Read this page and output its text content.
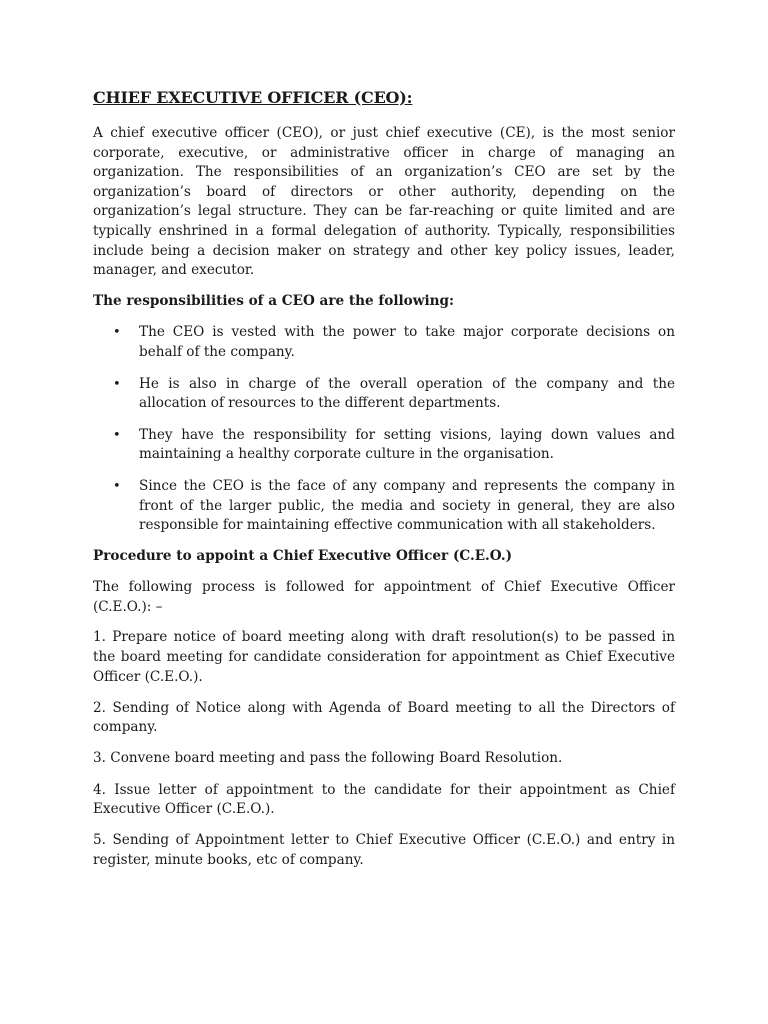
CHIEF EXECUTIVE OFFICER (CEO):

A chief executive officer (CEO), or just chief executive (CE), is the most senior corporate, executive, or administrative officer in charge of managing an organization. The responsibilities of an organization’s CEO are set by the organization’s board of directors or other authority, depending on the organization’s legal structure. They can be far-reaching or quite limited and are typically enshrined in a formal delegation of authority. Typically, responsibilities include being a decision maker on strategy and other key policy issues, leader, manager, and executor.

The responsibilities of a CEO are the following:

• The CEO is vested with the power to take major corporate decisions on behalf of the company.
• He is also in charge of the overall operation of the company and the allocation of resources to the different departments.
• They have the responsibility for setting visions, laying down values and maintaining a healthy corporate culture in the organisation.
• Since the CEO is the face of any company and represents the company in front of the larger public, the media and society in general, they are also responsible for maintaining effective communication with all stakeholders.

Procedure to appoint a Chief Executive Officer (C.E.O.)

The following process is followed for appointment of Chief Executive Officer (C.E.O.): –

1. Prepare notice of board meeting along with draft resolution(s) to be passed in the board meeting for candidate consideration for appointment as Chief Executive Officer (C.E.O.).

2. Sending of Notice along with Agenda of Board meeting to all the Directors of company.

3. Convene board meeting and pass the following Board Resolution.

4. Issue letter of appointment to the candidate for their appointment as Chief Executive Officer (C.E.O.).

5. Sending of Appointment letter to Chief Executive Officer (C.E.O.) and entry in register, minute books, etc of company.
